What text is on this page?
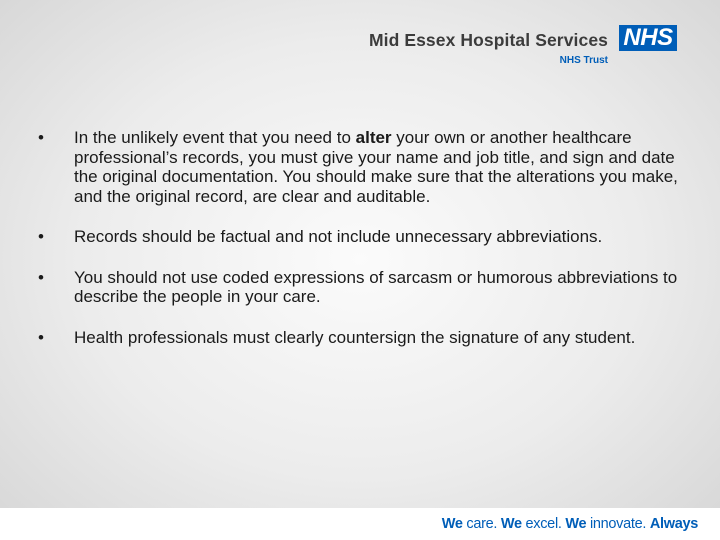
Mid Essex Hospital Services NHS
NHS Trust
• In the unlikely event that you need to alter your own or another healthcare professional’s records, you must give your name and job title, and sign and date the original documentation. You should make sure that the alterations you make, and the original record, are clear and auditable.
• Records should be factual and not include unnecessary abbreviations.
• You should not use coded expressions of sarcasm or humorous abbreviations to describe the people in your care.
• Health professionals must clearly countersign the signature of any student.
We care. We excel. We innovate. Always
